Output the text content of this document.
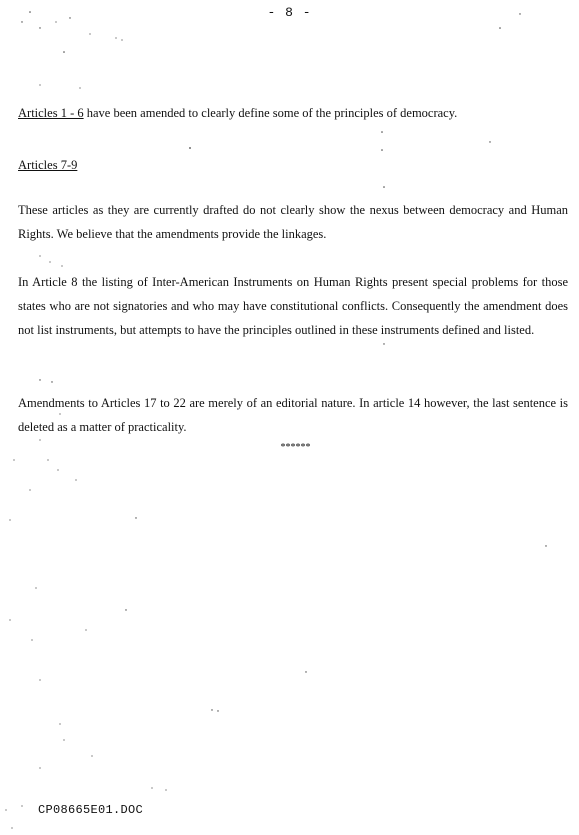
- 8 -
Articles 1 - 6 have been amended to clearly define some of the principles of democracy.
Articles 7-9
These articles as they are currently drafted do not clearly show the nexus between democracy and Human Rights. We believe that the amendments provide the linkages.
In Article 8 the listing of Inter-American Instruments on Human Rights present special problems for those states who are not signatories and who may have constitutional conflicts. Consequently the amendment does not list instruments, but attempts to have the principles outlined in these instruments defined and listed.
Amendments to Articles 17 to 22 are merely of an editorial nature. In article 14 however, the last sentence is deleted as a matter of practicality.
******
CP08665E01.DOC
